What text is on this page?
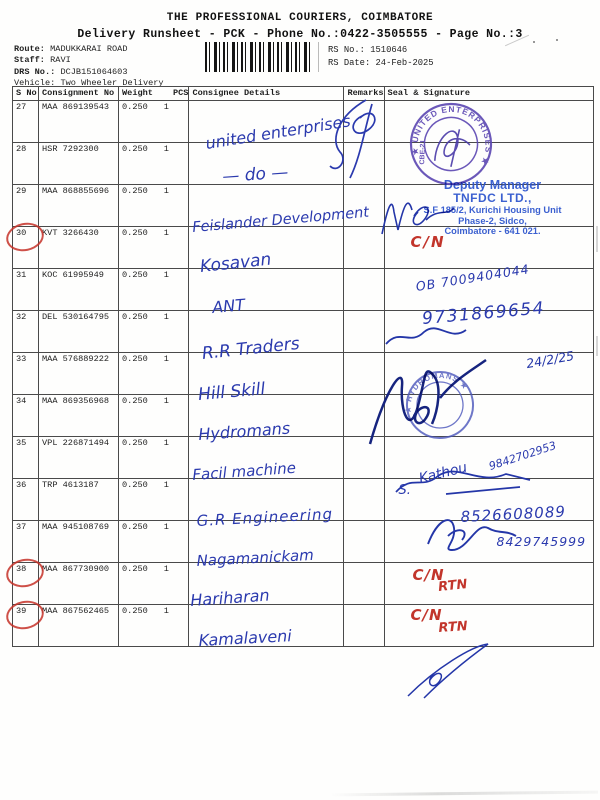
THE PROFESSIONAL COURIERS, COIMBATORE
Delivery Runsheet - PCK - Phone No.:0422-3505555 - Page No.:3
Route: MADUKKARAI ROAD
Staff: RAVI
DRS No.: DCJB151064603
Vehicle: Two Wheeler Delivery
RS No.: 1510646
RS Date: 24-Feb-2025
S No	Consignment No	Weight PCS	Consignee Details	Remarks	Seal & Signature
27	MAA 869139543	0.250 1	united enterprises		

28	HSR 7292300	0.250 1	— do —		

29	MAA 868855696	0.250 1	Feislander Development		

30	KVT 3266430	0.250 1	Kosavan		C/N

31	KOC 61995949	0.250 1	ANT		OB 7009404044

32	DEL 530164795	0.250 1	R.R Traders		9731869654

33	MAA 576889222	0.250 1	Hill Skill		

34	MAA 869356968	0.250 1	Hydromans		

35	VPL 226871494	0.250 1	Facil machine		Kathou
9842702953

36	TRP 4613187	0.250 1	G.R Engineering		S.
8526608089

37	MAA 945108769	0.250 1	Nagamanickam		8429745999

38	MAA 867730900	0.250 1	Hariharan		C/N
RTN

39	MAA 867562465	0.250 1	Kamalaveni		C/N
RTN
★ UNITED ENTERPRISES ★
CBE-21
Deputy Manager
TNFDC LTD.,
S.F 185/2, Kurichi Housing Unit
Phase-2, Sidco,
Coimbatore - 641 021.
★ HYDROMANS ★
24/2/25
